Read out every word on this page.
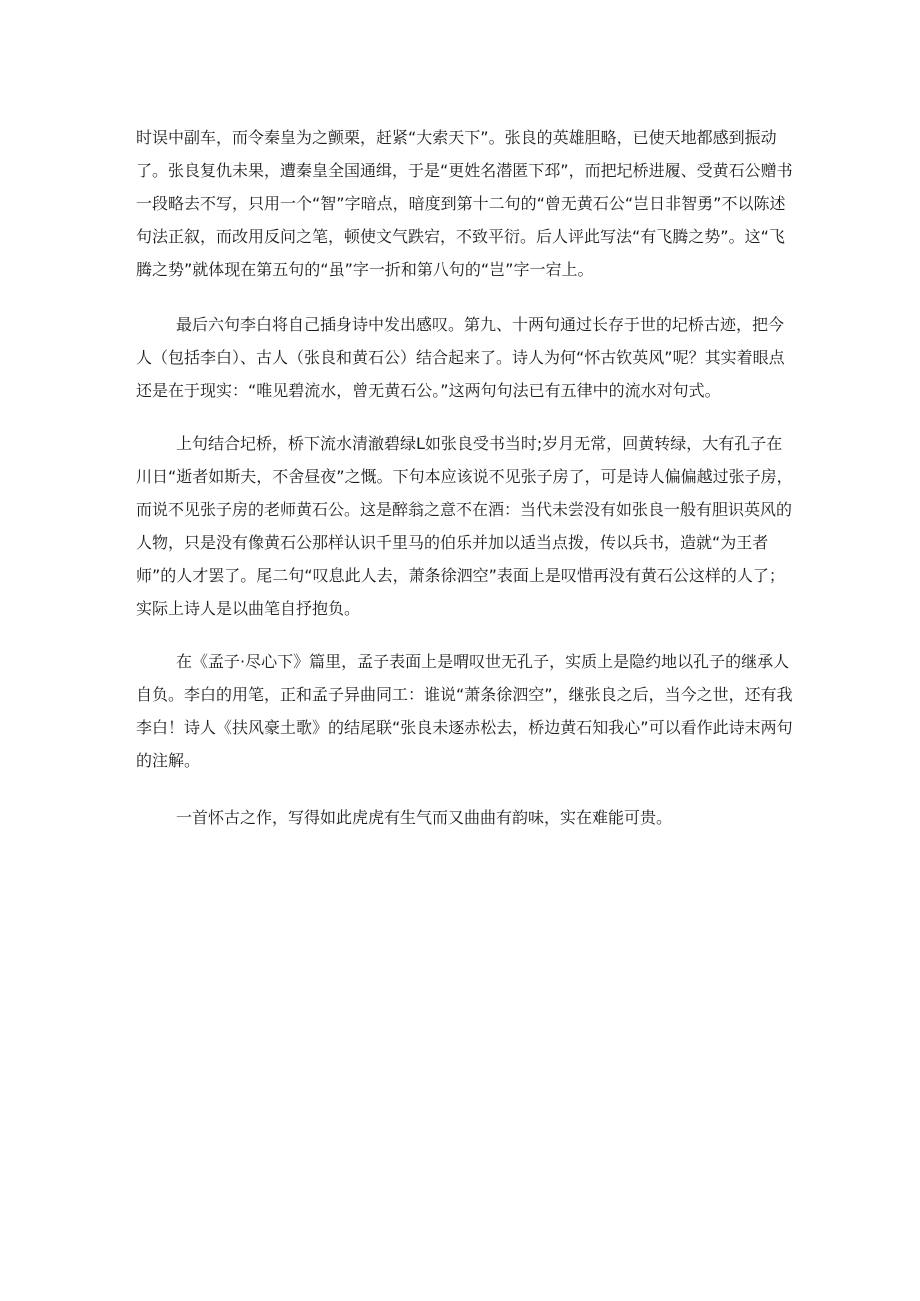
时误中副车，而令秦皇为之颤栗，赶紧“大索天下”。张良的英雄胆略，已使天地都感到振动了。张良复仇未果，遭秦皇全国通缉，于是“更姓名潜匿下邳”，而把圮桥进履、受黄石公赠书一段略去不写，只用一个“智”字暗点，暗度到第十二句的“曾无黄石公“岂日非智勇”不以陈述句法正叙，而改用反问之笔，顿使文气跌宕，不致平衍。后人评此写法“有飞腾之势”。这“飞腾之势”就体现在第五句的“虽”字一折和第八句的“岂”字一宕上。

最后六句李白将自己插身诗中发出感叹。第九、十两句通过长存于世的圮桥古迹，把今人（包括李白）、古人（张良和黄石公）结合起来了。诗人为何“怀古钦英风”呢？其实着眼点还是在于现实：“唯见碧流水，曾无黄石公。”这两句句法已有五律中的流水对句式。

上句结合圮桥，桥下流水清澈碧绿L如张良受书当时;岁月无常，回黄转绿，大有孔子在川日“逝者如斯夫，不舍昼夜”之慨。下句本应该说不见张子房了，可是诗人偏偏越过张子房，而说不见张子房的老师黄石公。这是醉翁之意不在酒：当代未尝没有如张良一般有胆识英风的人物，只是没有像黄石公那样认识千里马的伯乐并加以适当点拨，传以兵书，造就“为王者师”的人才罢了。尾二句“叹息此人去，萧条徐泗空”表面上是叹惜再没有黄石公这样的人了；实际上诗人是以曲笔自抒抱负。

在《孟子·尽心下》篇里，孟子表面上是喟叹世无孔子，实质上是隐约地以孔子的继承人自负。李白的用笔，正和孟子异曲同工：谁说“萧条徐泗空”，继张良之后，当今之世，还有我李白！诗人《扶风豪土歌》的结尾联“张良未逐赤松去，桥边黄石知我心”可以看作此诗末两句的注解。

一首怀古之作，写得如此虎虎有生气而又曲曲有韵味，实在难能可贵。
